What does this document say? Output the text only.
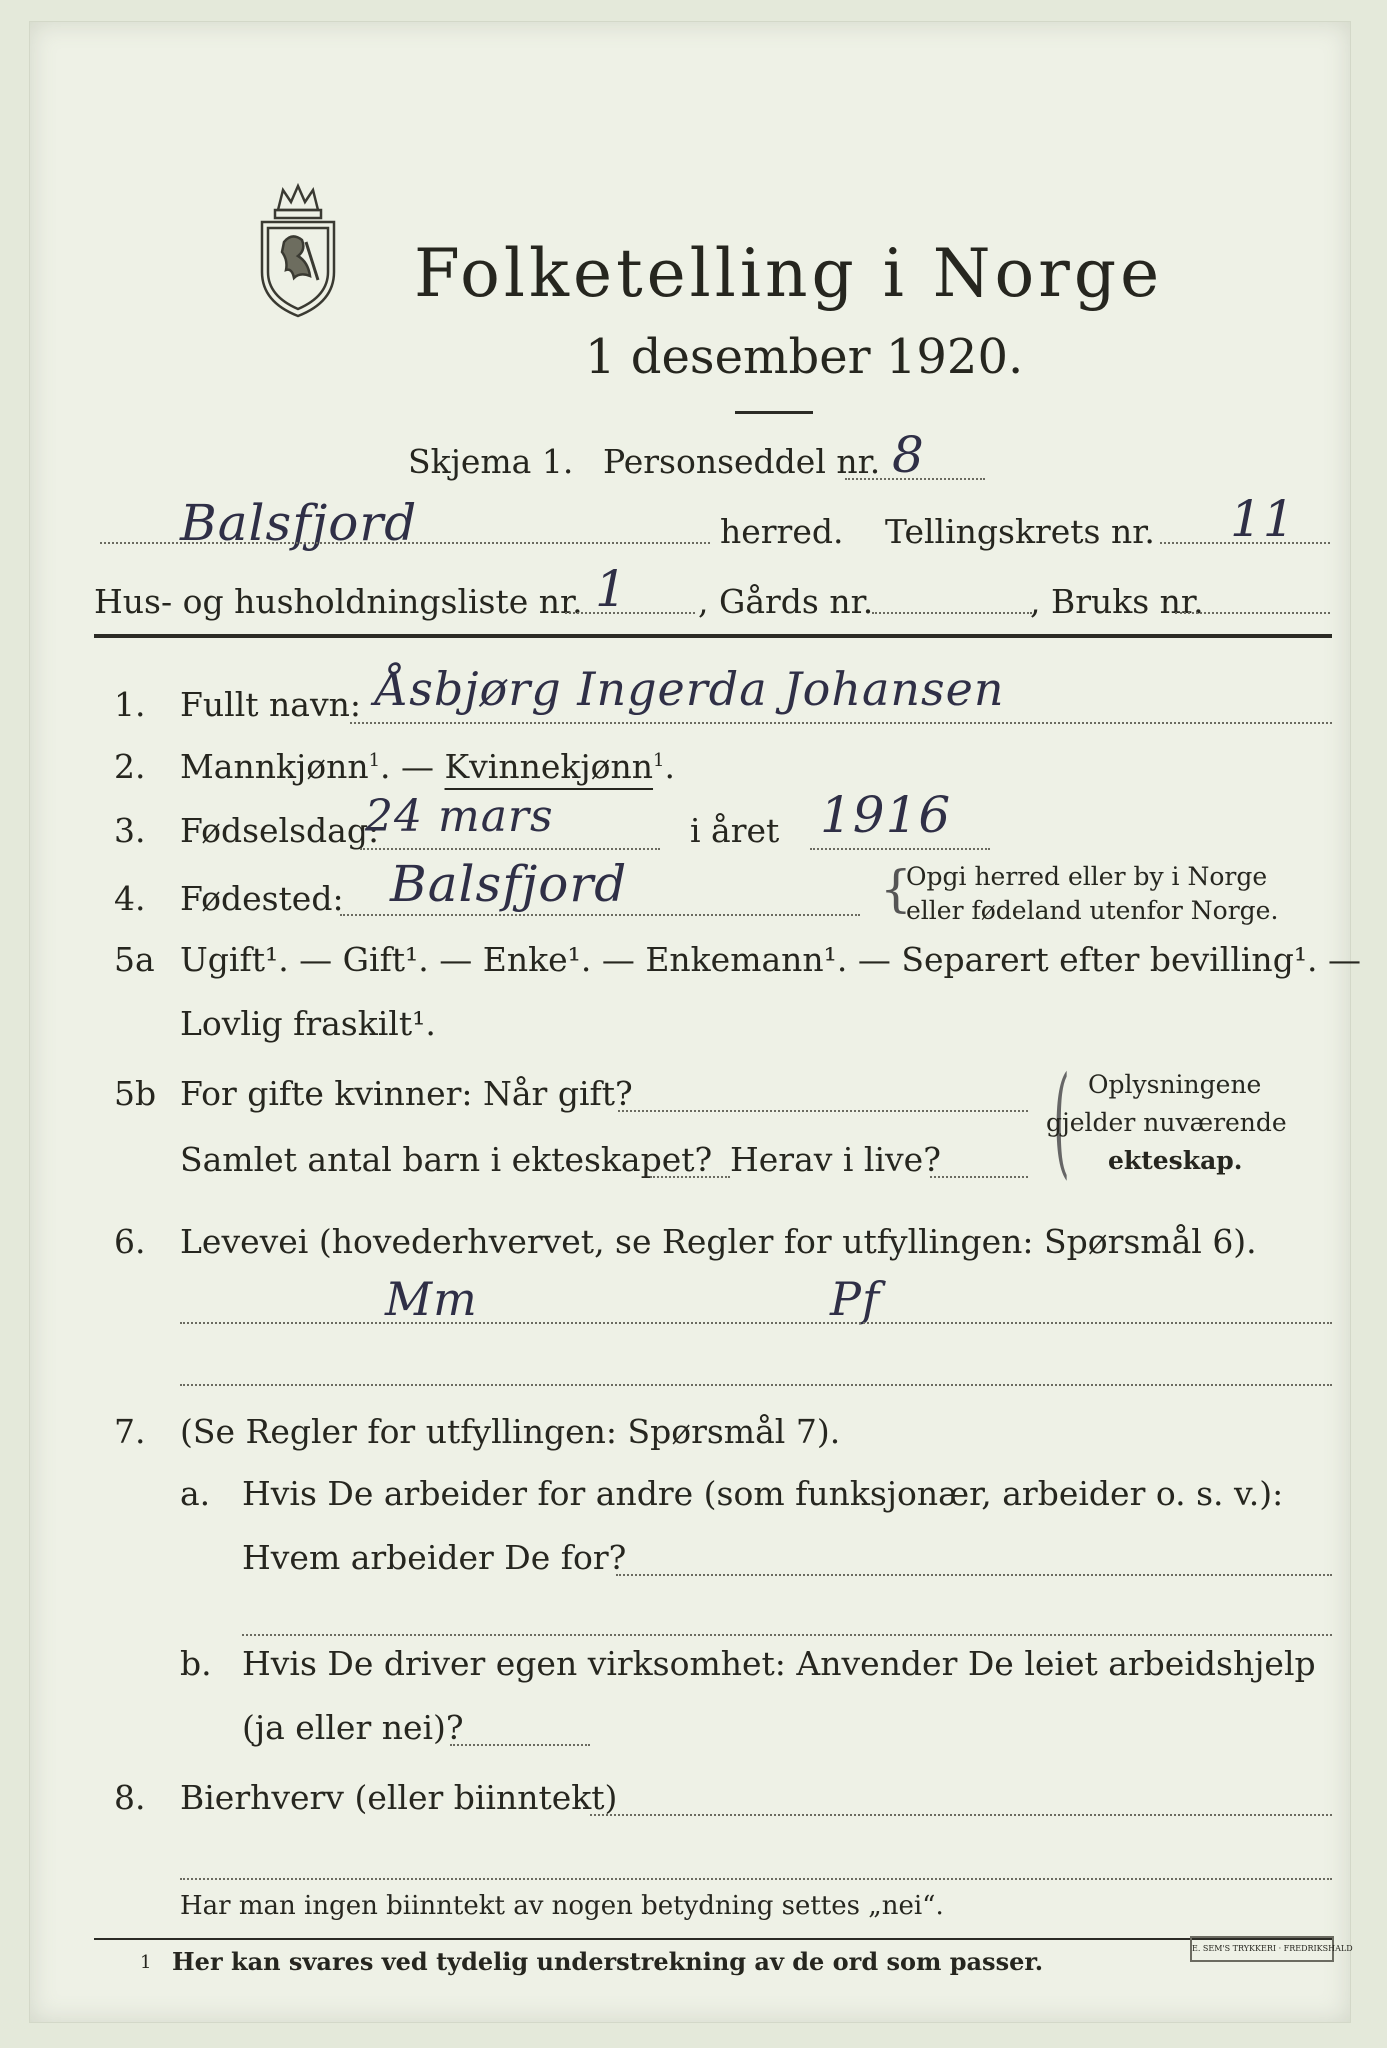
Folketelling i Norge
1 desember 1920.
Skjema 1. Personseddel nr. 8
Balsfjord	herred. Tellingskrets nr. 11
Hus- og husholdningsliste nr. 1 , Gårds nr.	, Bruks nr.
1. Fullt navn: Åsbjørg Ingerda Johansen
2. Mannkjønn$^1$. — Kvinnekjønn$^1$.
3. Fødselsdag:
24 mars	i året 1916
4. Fødested: Balsfjord	{
Opgi herred eller by i Norge
eller fødeland utenfor Norge.
5a Ugift¹. — Gift¹. — Enke¹. — Enkemann¹. — Separert efter bevilling¹. —
Lovlig fraskilt¹.
5b For gifte kvinner: Når gift?
Samlet antal barn i ekteskapet? Herav i live? ( Oplysningene
gjelder nuværende
ekteskap.
6. Levevei (hovederhvervet, se Regler for utfyllingen: Spørsmål 6).
Mm	Pf
7. (Se Regler for utfyllingen: Spørsmål 7).
a. Hvis De arbeider for andre (som funksjonær, arbeider o. s. v.):
Hvem arbeider De for?
b. Hvis De driver egen virksomhet: Anvender De leiet arbeidshjelp
(ja eller nei)?
8. Bierhverv (eller biinntekt)
Har man ingen biinntekt av nogen betydning settes „nei“.
1 Her kan svares ved tydelig understrekning av de ord som passer.	E. SEM'S TRYKKERI · FREDRIKSHALD
